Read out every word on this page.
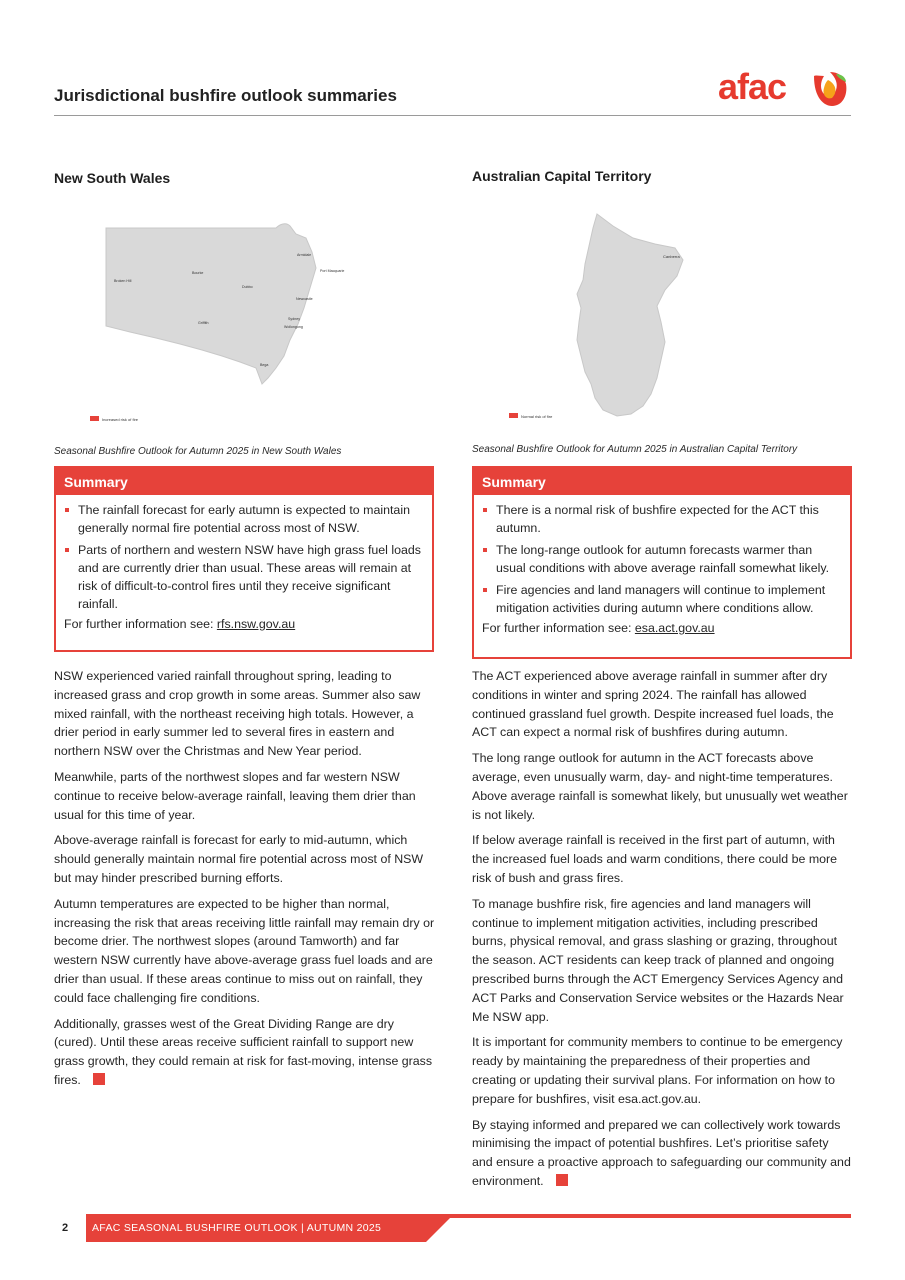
Jurisdictional bushfire outlook summaries	afac
New South Wales
Armidale
Port Macquarie
Broken Hill
Bourke
Dubbo
Newcastle
Sydney
Wollongong
Griffith
Bega
Increased risk of fire
Seasonal Bushfire Outlook for Autumn 2025 in New South Wales
Summary
The rainfall forecast for early autumn is expected to maintain generally normal fire potential across most of NSW.
Parts of northern and western NSW have high grass fuel loads and are currently drier than usual. These areas will remain at risk of difficult-to-control fires until they receive significant rainfall.
For further information see: rfs.nsw.gov.au

NSW experienced varied rainfall throughout spring, leading to increased grass and crop growth in some areas. Summer also saw mixed rainfall, with the northeast receiving high totals. However, a drier period in early summer led to several fires in eastern and northern NSW over the Christmas and New Year period.

Meanwhile, parts of the northwest slopes and far western NSW continue to receive below-average rainfall, leaving them drier than usual for this time of year.

Above-average rainfall is forecast for early to mid-autumn, which should generally maintain normal fire potential across most of NSW but may hinder prescribed burning efforts.

Autumn temperatures are expected to be higher than normal, increasing the risk that areas receiving little rainfall may remain dry or become drier. The northwest slopes (around Tamworth) and far western NSW currently have above-average grass fuel loads and are drier than usual. If these areas continue to miss out on rainfall, they could face challenging fire conditions.

Additionally, grasses west of the Great Dividing Range are dry (cured). Until these areas receive sufficient rainfall to support new grass growth, they could remain at risk for fast-moving, intense grass fires.

Australian Capital Territory
Canberra
Normal risk of fire
Seasonal Bushfire Outlook for Autumn 2025 in Australian Capital Territory
Summary
There is a normal risk of bushfire expected for the ACT this autumn.
The long-range outlook for autumn forecasts warmer than usual conditions with above average rainfall somewhat likely.
Fire agencies and land managers will continue to implement mitigation activities during autumn where conditions allow.
For further information see: esa.act.gov.au

The ACT experienced above average rainfall in summer after dry conditions in winter and spring 2024. The rainfall has allowed continued grassland fuel growth. Despite increased fuel loads, the ACT can expect a normal risk of bushfires during autumn.

The long range outlook for autumn in the ACT forecasts above average, even unusually warm, day- and night-time temperatures. Above average rainfall is somewhat likely, but unusually wet weather is not likely.

If below average rainfall is received in the first part of autumn, with the increased fuel loads and warm conditions, there could be more risk of bush and grass fires.

To manage bushfire risk, fire agencies and land managers will continue to implement mitigation activities, including prescribed burns, physical removal, and grass slashing or grazing, throughout the season. ACT residents can keep track of planned and ongoing prescribed burns through the ACT Emergency Services Agency and ACT Parks and Conservation Service websites or the Hazards Near Me NSW app.

It is important for community members to continue to be emergency ready by maintaining the preparedness of their properties and creating or updating their survival plans. For information on how to prepare for bushfires, visit esa.act.gov.au.

By staying informed and prepared we can collectively work towards minimising the impact of potential bushfires. Let’s prioritise safety and ensure a proactive approach to safeguarding our community and environment.

2 AFAC SEASONAL BUSHFIRE OUTLOOK | AUTUMN 2025
